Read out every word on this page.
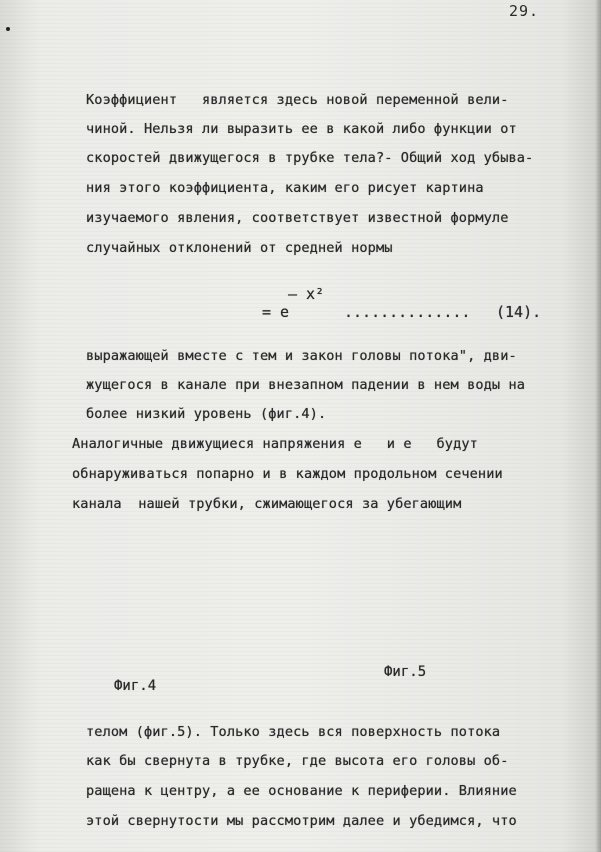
29.
Коэффициент   является здесь новой переменной вели-
чиной. Нельзя ли выразить ее в какой либо функции от
скоростей движущегося в трубке тела?- Общий ход убыва-
ния этого коэффициента, каким его рисует картина
изучаемого явления, соответствует известной формуле
случайных отклонений от средней нормы
= e
– x²
.............. (14).
выражающей вместе с тем и закон головы потока", дви-
жущегося в канале при внезапном падении в нем воды на
более низкий уровень (фиг.4).
Аналогичные движущиеся напряжения е   и е   будут
обнаруживаться попарно и в каждом продольном сечении
канала  нашей трубки, сжимающегося за убегающим
Фиг.4
Фиг.5
телом (фиг.5). Только здесь вся поверхность потока
как бы свернута в трубке, где высота его головы об-
ращена к центру, а ее основание к периферии. Влияние
этой свернутости мы рассмотрим далее и убедимся, что
